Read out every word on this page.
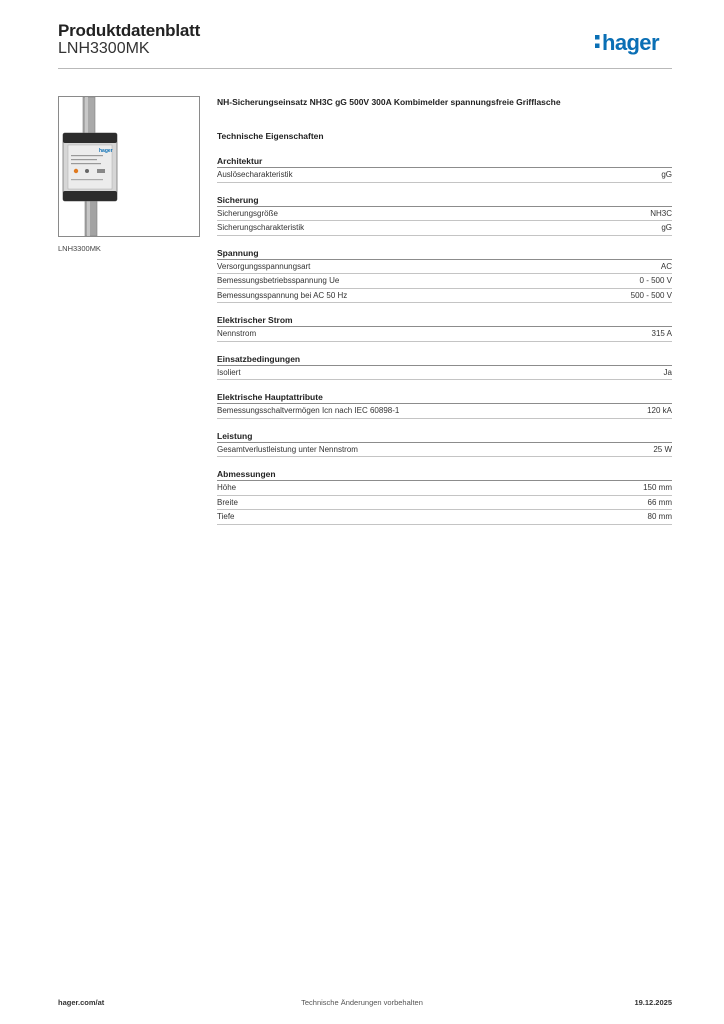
Produktdatenblatt
LNH3300MK	hager
hager
LNH3300MK
NH-Sicherungseinsatz NH3C gG 500V 300A Kombimelder spannungsfreie Grifflasche
Technische Eigenschaften
Architektur
Auslösecharakteristik	gG
Sicherung
Sicherungsgröße	NH3C
Sicherungscharakteristik	gG
Spannung
Versorgungsspannungsart	AC
Bemessungsbetriebsspannung Ue	0 - 500 V
Bemessungsspannung bei AC 50 Hz	500 - 500 V
Elektrischer Strom
Nennstrom	315 A
Einsatzbedingungen
Isoliert	Ja
Elektrische Hauptattribute
Bemessungsschaltvermögen Icn nach IEC 60898-1	120 kA
Leistung
Gesamtverlustleistung unter Nennstrom	25 W
Abmessungen
Höhe	150 mm
Breite	66 mm
Tiefe	80 mm
hager.com/at	Technische Änderungen vorbehalten	19.12.2025
